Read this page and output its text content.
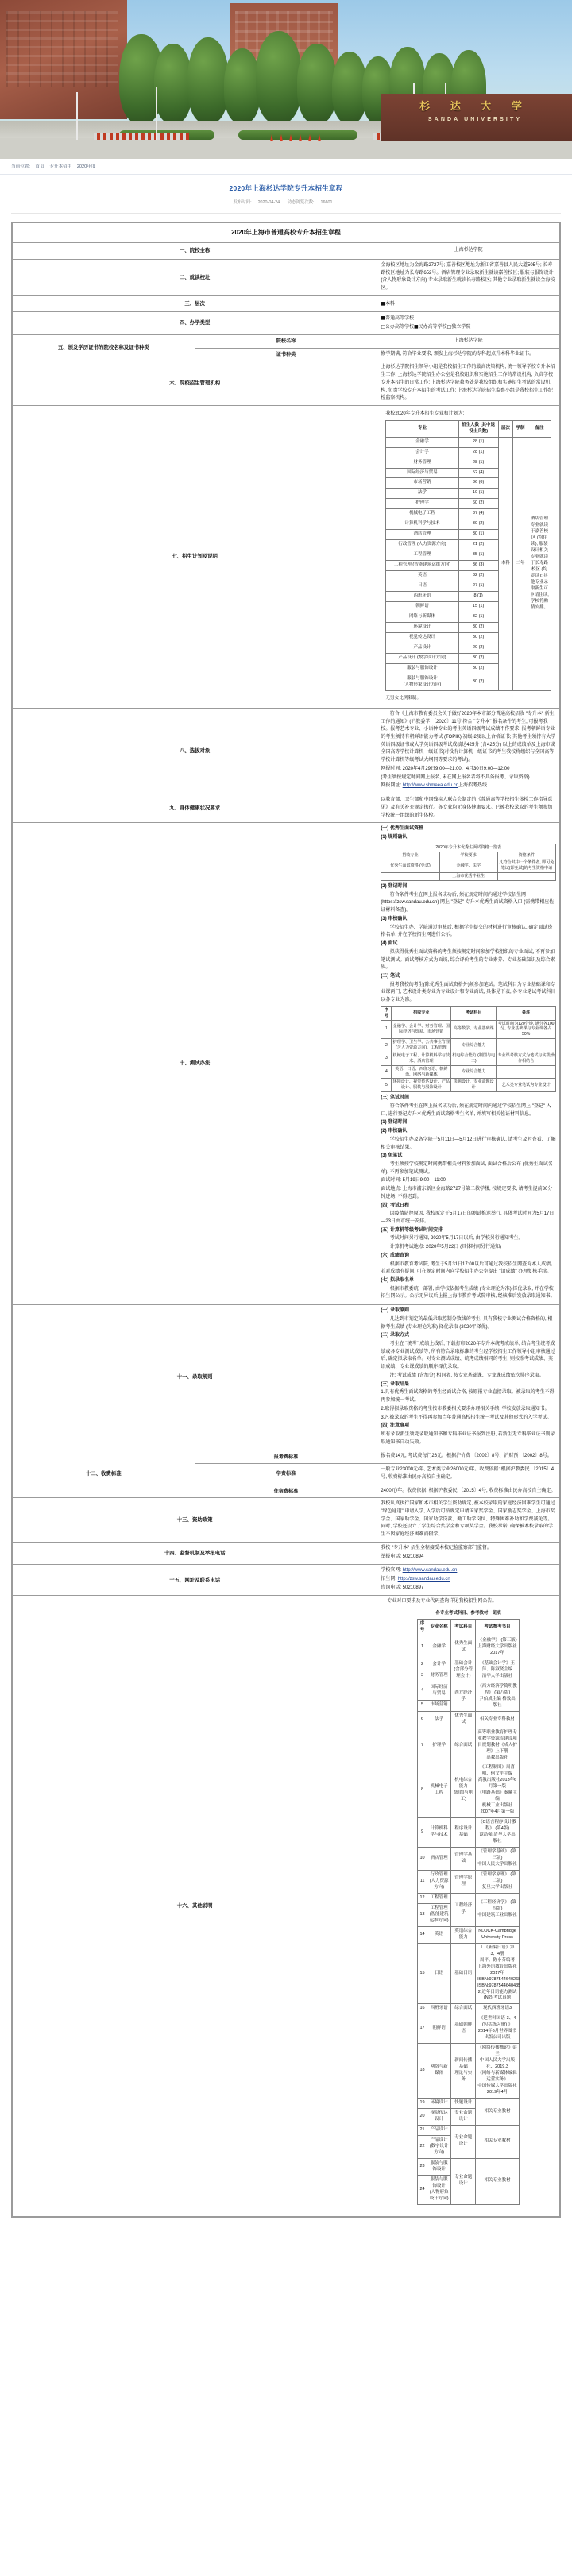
杉 达 大 学
SANDA UNIVERSITY
当前位置: 首页 专升本招生 2020年度
2020年上海杉达学院专升本招生章程
发布时间: 2020-04-24 动态浏览次数: 16601
2020年上海市普通高校专升本招生章程
一、院校全称	上海杉达学院
二、就读校址	金海校区地址为金海路2727号; 嘉善校区地址为浙江省嘉善县人民大道505号; 长寿路校区地址为长寿路652号。酒店管理专业录取新生就读嘉善校区; 服装与服饰设计 (含人物形象设计方向) 专业录取新生就读长寿路校区; 其他专业录取新生就读金海校区。
三、层次	■本科
四、办学类型	

■普通高等学校

□公办高等学校■民办高等学校□独立学院

五、颁发学历证书的院校名称及证书种类	院校名称	上海杉达学院
证书种类	修学期满, 符合毕业要求, 颁发上海杉达学院的专科起点升本科毕业证书。
六、院校招生管理机构	上海杉达学院招生领导小组是我校招生工作的最高决策机构, 统一领导学校专升本招生工作; 上海杉达学院招生办公室是我校组织和实施招生工作的常设机构, 负责学校专升本招生的日常工作; 上海杉达学院教务处是我校组织和实施招生考试的常设机构, 负责学校专升本招生的考试工作; 上海杉达学院招生监察小组是我校招生工作纪检监察机构。
七、招生计划及说明	
我校2020年专升本招生专业和计划为:
专业	招生人数 (其中退役士兵数)	层次	学制	备注
金融学	28 (1)	本科	二年	酒店管理专业就读于嘉善校区 (均住读); 服装设计相关专业就读于长寿路校区 (均走读); 其他专业录取新生可申请住读, 学校将酌情安排。
会计学	28 (1)
财务管理	28 (1)
国际经济与贸易	52 (4)
市场营销	36 (6)
法学	10 (1)
护理学	60 (2)
机械电子工程	37 (4)
计算机科学与技术	30 (2)
酒店管理	30 (1)
行政管理 (人力资源方向)	21 (2)
工程管理	35 (1)
工程管理 (智能建筑运维方向)	36 (3)
英语	32 (2)
日语	27 (1)
西班牙语	8 (1)
朝鲜语	15 (1)
网络与新媒体	32 (1)
环境设计	30 (2)
视觉传达设计	30 (2)
产品设计	20 (2)
产品设计 (数字设计方向)	30 (2)
服装与服饰设计	30 (2)
服装与服饰设计
(人物形象设计方向)	30 (2)
无男女比例限制。

八、选拔对象	

符合《上海市教育委员会关于做好2020年本市部分普通高校招收 "专升本" 新生工作的通知》(沪教委学 〔2020〕11号)符合 "专升本" 报名条件的考生, 可报考我校。报考艺术专业、小语种专业的考生英语四级考试成绩不作要求; 报考朝鲜语专业的考生须持有朝鲜语能力考试 (TOPIK) 初级-2及以上合格证书; 其他考生须持有大学英语四级证书或大学英语四级考试成绩达425分 (含425分) 以上的成绩单及上海市或全国高等学校计算机一级证书(对没有计算机一级证书的考生我校将组织与全国高等学校计算机等级考试大纲同等要求的考试)。

网报时间: 2020年4月29日9:00—21:00、4月30日9:00—12:00

(考生须按规定时间网上报名, 未在网上报名者将不具备报考、录取资格)

网报网址: http://www.shmeea.edu.cn上海招考热线

九、身体健康状况要求	以教育部、卫生部和中国残疾人联合会制定的《普通高等学校招生体检工作指导意见》及有关补充规定执行。各专业均无身体健康要求。已被我校录取的考生须参加学校统一组织的新生体检。
十、测试办法	

(一) 优秀生面试资格

(1) 规则确认

2020年专升本优秀生面试资格一览表
招收专业	学校要求	资格条件
优秀生面试资格 (免试)	金融学、法学	凡符合其中一个条件者, 即可免笔试(即免试)的考生资格申请
	上海市优秀毕业生	

(2) 登记时间

符合条件考生在网上报名成功后, 须在规定时间内通过学校招生网 (https://zsw.sandau.edu.cn) 网上 "登记" 专升本优秀生面试资格入口 (需携带相应佐证材料备查)。

(3) 审核确认

学校招生办、学院通过审核后, 根据学生提交的材料进行审核确认, 确定面试资格名单, 并在学校招生网进行公示。

(4) 面试

拟获得优秀生面试资格的考生须按规定时间参加学校组织的专业面试, 不再参加笔试测试。面试考核方式为面谈, 综合评价考生的专业素养、专业基础知识及综合素质。

(二) 笔试

报考我校的考生(除优秀生面试资格外)须参加笔试。笔试科目为专业基础课和专业课两门, 艺术设计类专业为专业设计和专业面试, 具体见下表, 各专业笔试考试科目以各专业为准。

序号	招收专业	考试科目	备注
1	金融学、会计学、财务管理、国际经济与贸易、市场营销	高等数学、专业基础课	考试时间为120分钟, 满分各100分, 专业基础课与专业课各占50%
2	护理学、卫生学、公共事业管理 (含人力资源方向)、工程管理	专业综合能力	
3	机械电子工程、计算机科学与技术、酒店管理	机电综合能力 (制图与电工)	专业课考核方式为笔试与实践操作相结合
4	英语、日语、西班牙语、朝鲜语、网络与新媒体	专业综合能力	
5	环境设计、视觉传达设计、产品设计、服装与服饰设计	快题设计、专业命题设计	艺术类专业笔试为专业设计

(三) 笔试时间

符合条件考生在网上报名成功后, 须在规定时间内通过学校招生网上 "登记" 入口, 进行登记专升本优秀生面试资格考生名单, 并填写相关佐证材料信息。

(1) 登记时间

(2) 审核确认

学校招生办及各学院于5月11日—5月12日进行审核确认, 请考生及时查看、了解相关审核结果。

(3) 免笔试

考生须按学校规定时间携带相关材料参加面试, 面试合格后公布 (优秀生面试名单), 不再参加笔试测试。

面试时间: 5月19日9:00—11:00

面试地点: 上海市浦东新区金海路2727号第二教学楼, 按规定要求, 请考生提前30分钟进场, 不得迟到。

(四) 考试日程

因疫情防控原因, 我校原定于5月17日的测试推迟举行, 具体考试时间为5月17日—23日由市统一安排。

(五) 计算机等级考试时间安排

考试时间另行通知, 2020年5月17日以后, 由学校另行通知考生。

计算机考试地点: 2020年5月22日 (具体时间另行通知)

(六) 成绩查询

根据市教育考试院, 考生于5月31日17:00以后可通过我校招生网查询本人成绩。若对成绩有疑问, 可在规定时间内向学校招生办公室提出 "请成绩" 办理复核手续。

(七) 拟录取名单

根据市教委统一部署, 由学校依据考生成绩 (专业理论为准) 择优录取, 并在学校招生网公示。公示无异议后上报上海市教育考试院审核, 经核准后发放录取通知书。

十一、录取规则	

(一) 录取原则

凡达到市划定的最低录取控制分数线的考生, 具有我校专业测试合格资格的, 根据考生成绩 (专业理论为准) 择优录取 (2020年择优)。

(二) 录取方式

考生在 "统考" 成绩上线后, 下载打印2020年专升本统考成绩单, 结合考生统考成绩或各专业测试成绩等, 所有符合录取标准的考生经学校招生工作领导小组审核通过后, 确定拟录取名单。对专业测试成绩、统考成绩相同的考生, 则按照考试成绩、英语成绩、专业课成绩的顺序择优录取。

注: 考试成绩 (含加分) 相同者, 按专业基础课、专业课成绩依次排序录取。

(三) 录取结果

1.具有优秀生面试资格的考生经面试合格, 按原报专业直接录取。被录取的考生不得再参加统一考试。

2.取得拟录取资格的考生按市教委相关要求办理相关手续, 学校发放录取通知书。

3.凡被录取的考生不得再参加当年普通高校招生统一考试及其他形式的入学考试。

(四) 注意事项

所有录取新生须凭录取通知书和专科毕业证书报到注册, 若新生无专科毕业证书则录取通知书自动失效。

十二、收费标准	报考费标准	报名费14元, 考试费每门26元。根据沪价费 〔2002〕8号、沪财预 〔2002〕8号。
学费标准	一般专业23000元/年, 艺术类专业26000元/年。收费依据: 根据沪教委民 〔2015〕4号, 收费标准由民办高校自主确定。
住宿费标准	2400元/年。收费依据: 根据沪教委民 〔2015〕4号, 收费标准由民办高校自主确定。
十三、资助政策	我校认真执行国家和本市相关学生资助规定, 被本校录取的家庭经济困难学生可通过 "绿色通道" 申请入学, 入学后可按规定申请国家奖学金、国家励志奖学金、上海市奖学金、国家助学金、国家助学贷款、勤工助学岗位、特殊困难补助和学费减免等。同时, 学校还设立了学生综合奖学金和专项奖学金。我校承诺: 确保被本校录取的学生不因家庭经济困难而辍学。
十四、监督机制及举报电话	

我校 "专升本" 招生全程接受本校纪检监察部门监督。

举报电话: 50210894

十五、网址及联系电话	

学校官网: http://www.sandau.edu.cn

招生网: http://zsw.sandau.edu.cn

咨询电话: 50210897

十六、其他说明	

专业对口要求及专业代码查询详见我校招生网公告。

各专业考试科目、参考教材一览表
序号	专业名称	考试科目	考试参考书目
1	金融学	优秀生面试	《金融学》 (第三版)
上海财经大学出版社2017年
2	会计学	基础会计
(含部分管理会计)	《基础会计学》王萍、陈淑贤主编
清华大学出版社
3	财务管理
4	国际经济与贸易	西方经济学	《西方经济学简明教程》 (第八版)
尹伯成主编 格致出版社
5	市场营销
6	法学	优秀生面试	相关专业专科教材
7	护理学	综合面试	高等职业教育护理专业教学资源库建设项目规划教材《成人护理》上下册
高教出版社
8	机械电子工程	机电综合能力
(制图与电工)	《工程制图》周喜明、何文平主编
高教出版社2013年6月第一版
《电路基础》秦曦主编
机械工业出版社2007年4月第一版
9	计算机科学与技术	程序设计基础	《C语言程序设计教程》 (第4版)
谭浩强 清华大学出版社
10	酒店管理	管理学基础	《管理学基础》 (第三版)
中国人民大学出版社
11	行政管理
(人力资源方向)	管理学原理	《管理学原理》 (第二版)
复旦大学出版社
12	工程管理	工程经济学	《工程经济学》 (第四版)
中国建筑工业出版社
13	工程管理
(智能建筑运维方向)
14	英语	英语综合能力	NLOCK-Cambridge
University Press
15	日语	基础日语	1.《新编日语》第3、4册
周平、陈小芬编著 上海外语教育出版社2017年ISBN:9787544640268
ISBN:9787544640435
2.近年日语能力测试 (N2) 考试真题
16	西班牙语	综合面试	现代西班牙语3
17	朝鲜语	基础朝鲜语	《延世韩国语-3、4 (包括练习册) 》
2014年6月世界图书出版公司出版
18	网络与新媒体	新闻传播基础
理论与实务	《网络传播概论》彭兰
中国人民大学出版社、2019.3
《网络与新媒体编辑运营实务》
中国传媒大学出版社2019年4月
19	环境设计	快题设计	相关专业教材
20	视觉传达设计	专业命题设计
21	产品设计	专业命题设计	相关专业教材
22	产品设计
(数字设计方向)
23	服装与服饰设计	专业命题设计	相关专业教材
24	服装与服饰设计
(人物形象设计方向)
